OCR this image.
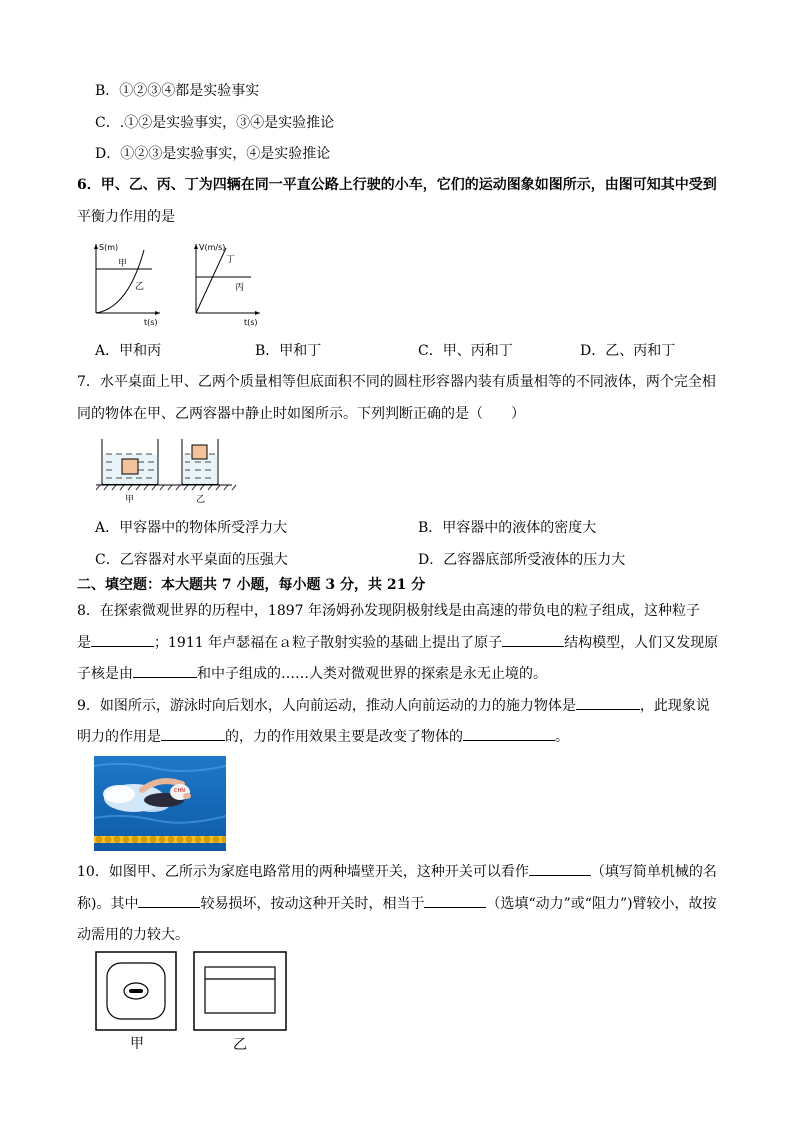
B．①②③④都是实验事实
C．.①②是实验事实，③④是实验推论
D．①②③是实验事实，④是实验推论
6．甲、乙、丙、丁为四辆在同一平直公路上行驶的小车，它们的运动图象如图所示，由图可知其中受到
平衡力作用的是
S(m)
t(s)
甲
乙
V(m/s)
t(s)
丁
丙
A．甲和丙	B．甲和丁	C．甲、丙和丁	D．乙、丙和丁
7．水平桌面上甲、乙两个质量相等但底面积不同的圆柱形容器内装有质量相等的不同液体，两个完全相
同的物体在甲、乙两容器中静止时如图所示。下列判断正确的是（　　）
甲	乙
A．甲容器中的物体所受浮力大	B．甲容器中的液体的密度大
C．乙容器对水平桌面的压强大	D．乙容器底部所受液体的压力大
二、填空题：本大题共 7 小题，每小题 3 分，共 21 分
8．在探索微观世界的历程中，1897 年汤姆孙发现阴极射线是由高速的带负电的粒子组成，这种粒子
是	；1911 年卢瑟福在ａ粒子散射实验的基础上提出了原子	结构模型，人们又发现原
子核是由	和中子组成的……人类对微观世界的探索是永无止境的。
9．如图所示，游泳时向后划水，人向前运动，推动人向前运动的力的施力物体是	，此现象说
明力的作用是	的，力的作用效果主要是改变了物体的	。
CHN
10．如图甲、乙所示为家庭电路常用的两种墙壁开关，这种开关可以看作	（填写简单机械的名
称)。其中	较易损坏，按动这种开关时，相当于	（选填“动力”或“阻力”)臂较小，故按
动需用的力较大。
甲	乙
